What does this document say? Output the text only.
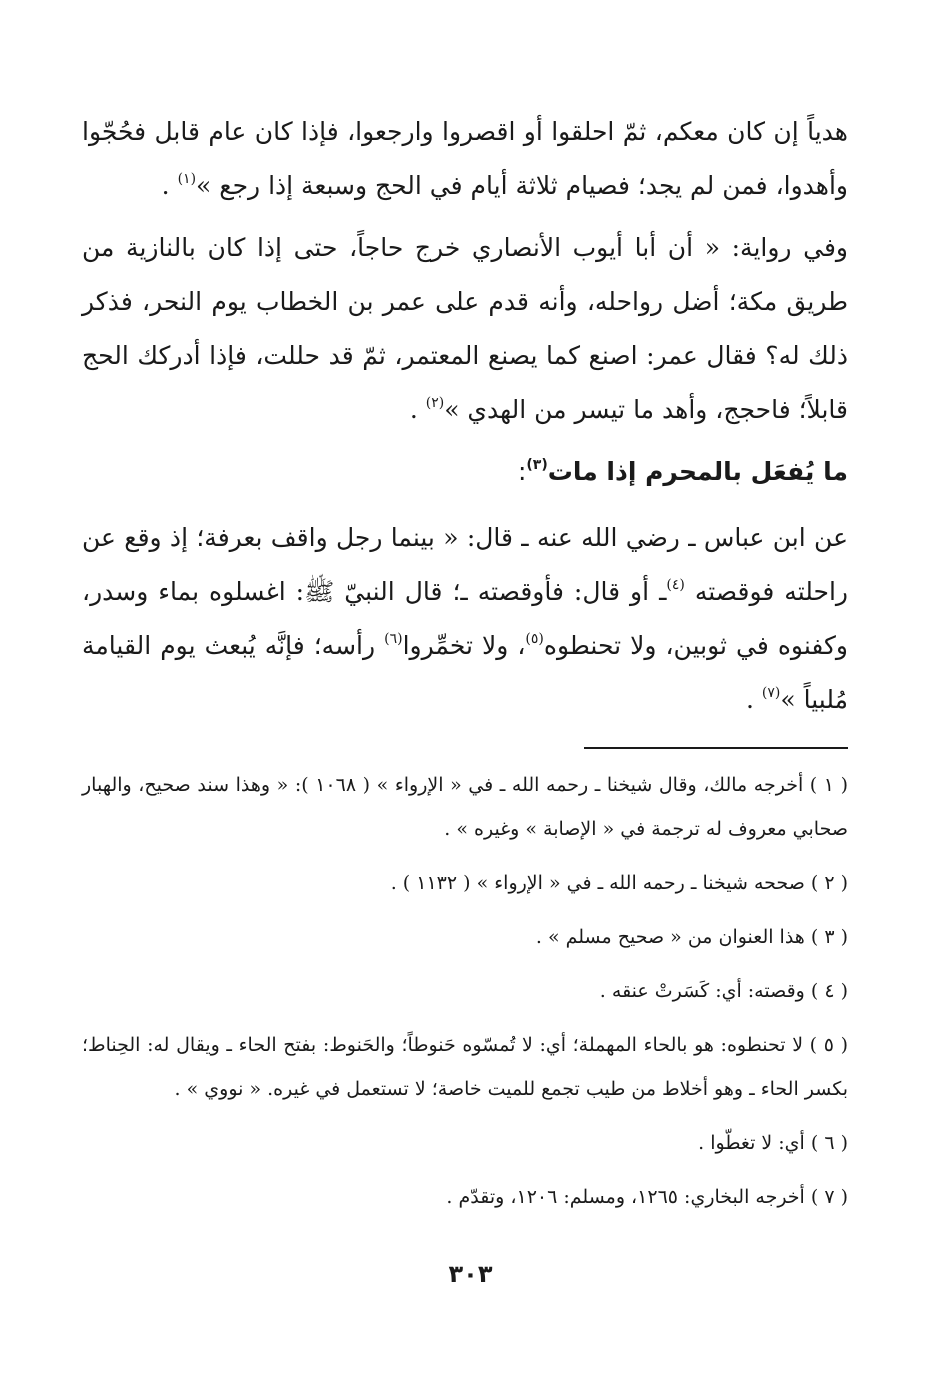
هدياً إن كان معكم، ثمّ احلقوا أو اقصروا وارجعوا، فإذا كان عام قابل فحُجّوا وأهدوا، فمن لم يجد؛ فصيام ثلاثة أيام في الحج وسبعة إذا رجع »$^{(١)}$ .

وفي رواية: « أن أبا أيوب الأنصاري خرج حاجاً، حتى إذا كان بالنازية من طريق مكة؛ أضل رواحله، وأنه قدم على عمر بن الخطاب يوم النحر، فذكر ذلك له؟ فقال عمر: اصنع كما يصنع المعتمر، ثمّ قد حللت، فإذا أدركك الحج قابلاً؛ فاحجج، وأهد ما تيسر من الهدي »$^{(٢)}$ .

ما يُفعَل بالمحرم إذا مات$^{(٣)}$:

عن ابن عباس ـ رضي الله عنه ـ قال: « بينما رجل واقف بعرفة؛ إذ وقع عن راحلته فوقصته $^{(٤)}$ـ أو قال: فأوقصته ـ؛ قال النبيّ ﷺ: اغسلوه بماء وسدر، وكفنوه في ثوبين، ولا تحنطوه$^{(٥)}$، ولا تخمِّروا$^{(٦)}$ رأسه؛ فإنَّه يُبعث يوم القيامة مُلبياً »$^{(٧)}$ .

( ١ ) أخرجه مالك، وقال شيخنا ـ رحمه الله ـ في « الإرواء » ( ١٠٦٨ ): « وهذا سند صحيح، والهبار صحابي معروف له ترجمة في « الإصابة » وغيره » .

( ٢ ) صححه شيخنا ـ رحمه الله ـ في « الإرواء » ( ١١٣٢ ) .

( ٣ ) هذا العنوان من « صحيح مسلم » .

( ٤ ) وقصته: أي: كَسَرتْ عنقه .

( ٥ ) لا تحنطوه: هو بالحاء المهملة؛ أي: لا تُمسّوه حَنوطاً؛ والحَنوط: بفتح الحاء ـ ويقال له: الحِناط؛ بكسر الحاء ـ وهو أخلاط من طيب تجمع للميت خاصة؛ لا تستعمل في غيره. « نووي » .

( ٦ ) أي: لا تغطّوا .

( ٧ ) أخرجه البخاري: ١٢٦٥، ومسلم: ١٢٠٦، وتقدّم .

٣٠٣
